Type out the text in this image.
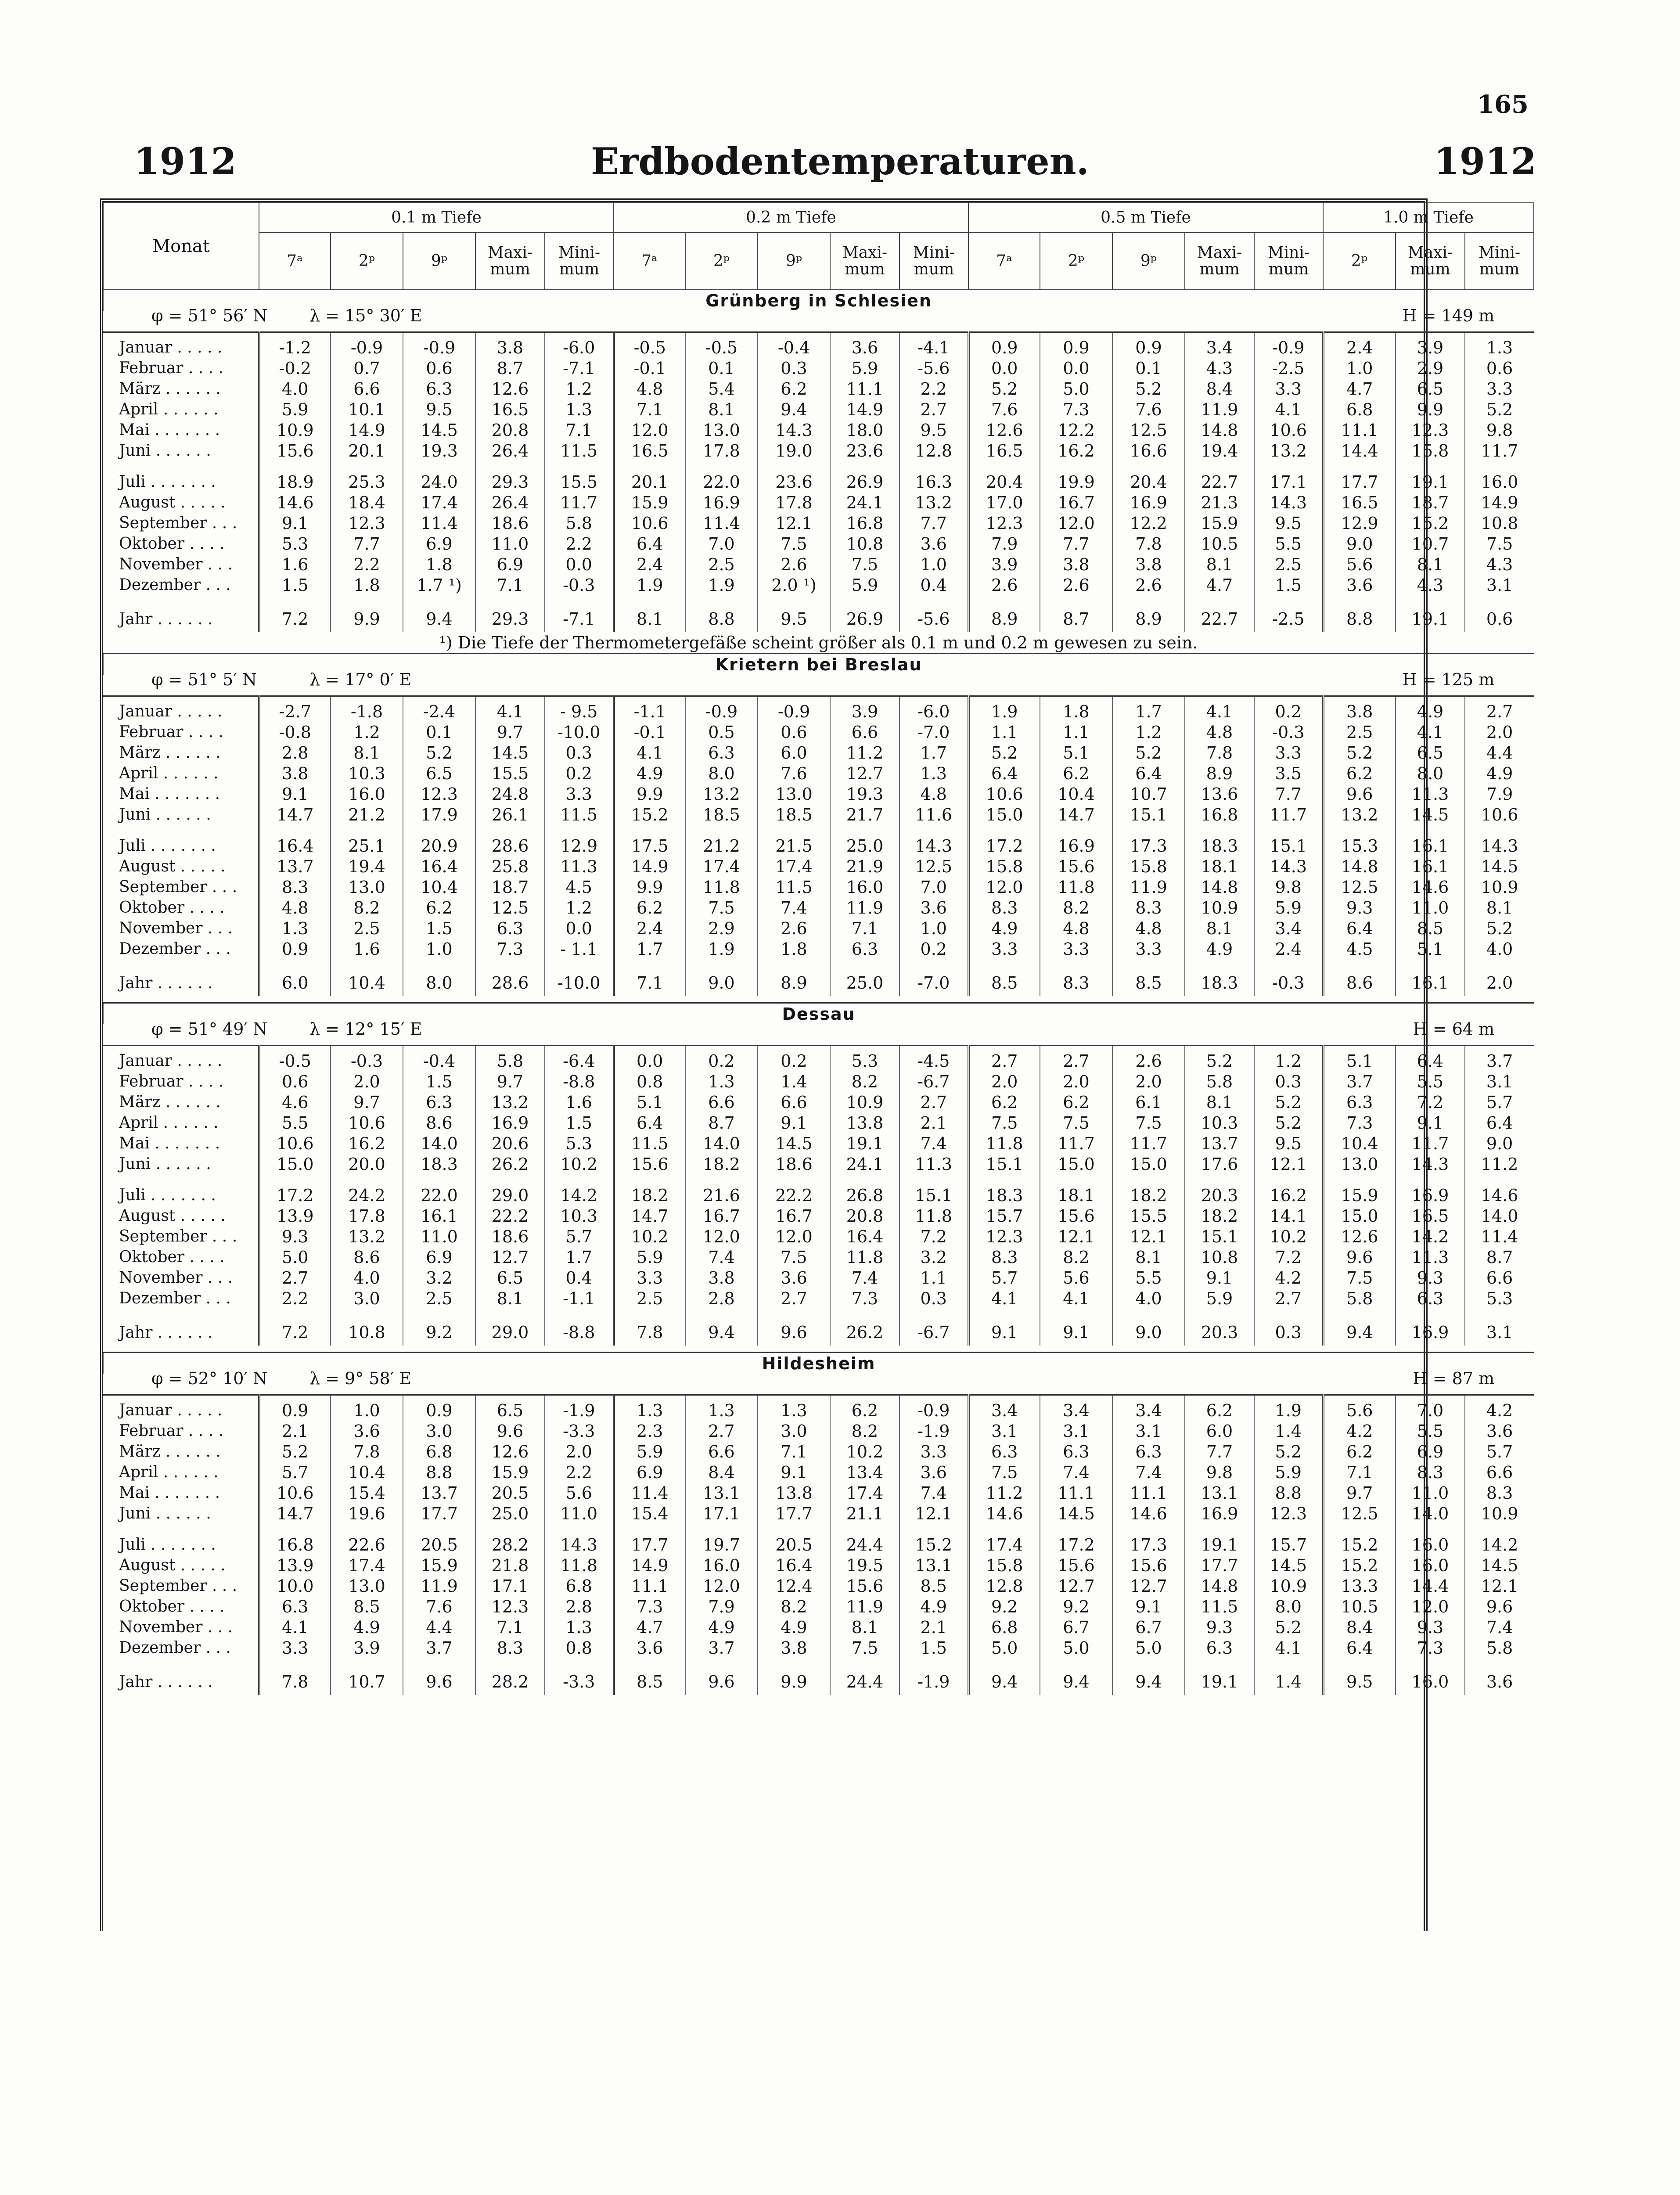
165
1912	Erdbodentemperaturen.	1912
Monat	0.1 m Tiefe					0.2 m Tiefe					0.5 m Tiefe					1.0 m Tiefe		
	7ᵃ	2ᵖ	9ᵖ	Maxi-mum	Mini-mum	7ᵃ	2ᵖ	9ᵖ	Maxi-mum	Mini-mum	7ᵃ	2ᵖ	9ᵖ	Maxi-mum	Mini-mum	2ᵖ	Maxi-mum	Mini-mum
Grünberg in Schlesien																		

φ = 51° 56′ N λ = 15° 30′ E H = 149 m																		

Januar . . . . .	-1.2	-0.9	-0.9	3.8	-6.0	-0.5	-0.5	-0.4	3.6	-4.1	0.9	0.9	0.9	3.4	-0.9	2.4	3.9	1.3
Februar . . . .	-0.2	0.7	0.6	8.7	-7.1	-0.1	0.1	0.3	5.9	-5.6	0.0	0.0	0.1	4.3	-2.5	1.0	2.9	0.6
März . . . . . .	4.0	6.6	6.3	12.6	1.2	4.8	5.4	6.2	11.1	2.2	5.2	5.0	5.2	8.4	3.3	4.7	6.5	3.3
April . . . . . .	5.9	10.1	9.5	16.5	1.3	7.1	8.1	9.4	14.9	2.7	7.6	7.3	7.6	11.9	4.1	6.8	9.9	5.2
Mai . . . . . . .	10.9	14.9	14.5	20.8	7.1	12.0	13.0	14.3	18.0	9.5	12.6	12.2	12.5	14.8	10.6	11.1	12.3	9.8
Juni . . . . . .	15.6	20.1	19.3	26.4	11.5	16.5	17.8	19.0	23.6	12.8	16.5	16.2	16.6	19.4	13.2	14.4	15.8	11.7

Juli . . . . . . .	18.9	25.3	24.0	29.3	15.5	20.1	22.0	23.6	26.9	16.3	20.4	19.9	20.4	22.7	17.1	17.7	19.1	16.0
August . . . . .	14.6	18.4	17.4	26.4	11.7	15.9	16.9	17.8	24.1	13.2	17.0	16.7	16.9	21.3	14.3	16.5	18.7	14.9
September . . .	9.1	12.3	11.4	18.6	5.8	10.6	11.4	12.1	16.8	7.7	12.3	12.0	12.2	15.9	9.5	12.9	15.2	10.8
Oktober . . . .	5.3	7.7	6.9	11.0	2.2	6.4	7.0	7.5	10.8	3.6	7.9	7.7	7.8	10.5	5.5	9.0	10.7	7.5
November . . .	1.6	2.2	1.8	6.9	0.0	2.4	2.5	2.6	7.5	1.0	3.9	3.8	3.8	8.1	2.5	5.6	8.1	4.3
Dezember . . .	1.5	1.8	1.7 ¹)	7.1	-0.3	1.9	1.9	2.0 ¹)	5.9	0.4	2.6	2.6	2.6	4.7	1.5	3.6	4.3	3.1

Jahr . . . . . .	7.2	9.9	9.4	29.3	-7.1	8.1	8.8	9.5	26.9	-5.6	8.9	8.7	8.9	22.7	-2.5	8.8	19.1	0.6
¹) Die Tiefe der Thermometergefäße scheint größer als 0.1 m und 0.2 m gewesen zu sein.																		
Krietern bei Breslau																		

φ = 51° 5′ N λ = 17° 0′ E H = 125 m																		

Januar . . . . .	-2.7	-1.8	-2.4	4.1	- 9.5	-1.1	-0.9	-0.9	3.9	-6.0	1.9	1.8	1.7	4.1	0.2	3.8	4.9	2.7
Februar . . . .	-0.8	1.2	0.1	9.7	-10.0	-0.1	0.5	0.6	6.6	-7.0	1.1	1.1	1.2	4.8	-0.3	2.5	4.1	2.0
März . . . . . .	2.8	8.1	5.2	14.5	0.3	4.1	6.3	6.0	11.2	1.7	5.2	5.1	5.2	7.8	3.3	5.2	6.5	4.4
April . . . . . .	3.8	10.3	6.5	15.5	0.2	4.9	8.0	7.6	12.7	1.3	6.4	6.2	6.4	8.9	3.5	6.2	8.0	4.9
Mai . . . . . . .	9.1	16.0	12.3	24.8	3.3	9.9	13.2	13.0	19.3	4.8	10.6	10.4	10.7	13.6	7.7	9.6	11.3	7.9
Juni . . . . . .	14.7	21.2	17.9	26.1	11.5	15.2	18.5	18.5	21.7	11.6	15.0	14.7	15.1	16.8	11.7	13.2	14.5	10.6

Juli . . . . . . .	16.4	25.1	20.9	28.6	12.9	17.5	21.2	21.5	25.0	14.3	17.2	16.9	17.3	18.3	15.1	15.3	16.1	14.3
August . . . . .	13.7	19.4	16.4	25.8	11.3	14.9	17.4	17.4	21.9	12.5	15.8	15.6	15.8	18.1	14.3	14.8	16.1	14.5
September . . .	8.3	13.0	10.4	18.7	4.5	9.9	11.8	11.5	16.0	7.0	12.0	11.8	11.9	14.8	9.8	12.5	14.6	10.9
Oktober . . . .	4.8	8.2	6.2	12.5	1.2	6.2	7.5	7.4	11.9	3.6	8.3	8.2	8.3	10.9	5.9	9.3	11.0	8.1
November . . .	1.3	2.5	1.5	6.3	0.0	2.4	2.9	2.6	7.1	1.0	4.9	4.8	4.8	8.1	3.4	6.4	8.5	5.2
Dezember . . .	0.9	1.6	1.0	7.3	- 1.1	1.7	1.9	1.8	6.3	0.2	3.3	3.3	3.3	4.9	2.4	4.5	5.1	4.0

Jahr . . . . . .	6.0	10.4	8.0	28.6	-10.0	7.1	9.0	8.9	25.0	-7.0	8.5	8.3	8.5	18.3	-0.3	8.6	16.1	2.0

Dessau																		

φ = 51° 49′ N λ = 12° 15′ E H = 64 m																		

Januar . . . . .	-0.5	-0.3	-0.4	5.8	-6.4	0.0	0.2	0.2	5.3	-4.5	2.7	2.7	2.6	5.2	1.2	5.1	6.4	3.7
Februar . . . .	0.6	2.0	1.5	9.7	-8.8	0.8	1.3	1.4	8.2	-6.7	2.0	2.0	2.0	5.8	0.3	3.7	5.5	3.1
März . . . . . .	4.6	9.7	6.3	13.2	1.6	5.1	6.6	6.6	10.9	2.7	6.2	6.2	6.1	8.1	5.2	6.3	7.2	5.7
April . . . . . .	5.5	10.6	8.6	16.9	1.5	6.4	8.7	9.1	13.8	2.1	7.5	7.5	7.5	10.3	5.2	7.3	9.1	6.4
Mai . . . . . . .	10.6	16.2	14.0	20.6	5.3	11.5	14.0	14.5	19.1	7.4	11.8	11.7	11.7	13.7	9.5	10.4	11.7	9.0
Juni . . . . . .	15.0	20.0	18.3	26.2	10.2	15.6	18.2	18.6	24.1	11.3	15.1	15.0	15.0	17.6	12.1	13.0	14.3	11.2

Juli . . . . . . .	17.2	24.2	22.0	29.0	14.2	18.2	21.6	22.2	26.8	15.1	18.3	18.1	18.2	20.3	16.2	15.9	16.9	14.6
August . . . . .	13.9	17.8	16.1	22.2	10.3	14.7	16.7	16.7	20.8	11.8	15.7	15.6	15.5	18.2	14.1	15.0	16.5	14.0
September . . .	9.3	13.2	11.0	18.6	5.7	10.2	12.0	12.0	16.4	7.2	12.3	12.1	12.1	15.1	10.2	12.6	14.2	11.4
Oktober . . . .	5.0	8.6	6.9	12.7	1.7	5.9	7.4	7.5	11.8	3.2	8.3	8.2	8.1	10.8	7.2	9.6	11.3	8.7
November . . .	2.7	4.0	3.2	6.5	0.4	3.3	3.8	3.6	7.4	1.1	5.7	5.6	5.5	9.1	4.2	7.5	9.3	6.6
Dezember . . .	2.2	3.0	2.5	8.1	-1.1	2.5	2.8	2.7	7.3	0.3	4.1	4.1	4.0	5.9	2.7	5.8	6.3	5.3

Jahr . . . . . .	7.2	10.8	9.2	29.0	-8.8	7.8	9.4	9.6	26.2	-6.7	9.1	9.1	9.0	20.3	0.3	9.4	16.9	3.1

Hildesheim																		

φ = 52° 10′ N λ = 9° 58′ E H = 87 m																		

Januar . . . . .	0.9	1.0	0.9	6.5	-1.9	1.3	1.3	1.3	6.2	-0.9	3.4	3.4	3.4	6.2	1.9	5.6	7.0	4.2
Februar . . . .	2.1	3.6	3.0	9.6	-3.3	2.3	2.7	3.0	8.2	-1.9	3.1	3.1	3.1	6.0	1.4	4.2	5.5	3.6
März . . . . . .	5.2	7.8	6.8	12.6	2.0	5.9	6.6	7.1	10.2	3.3	6.3	6.3	6.3	7.7	5.2	6.2	6.9	5.7
April . . . . . .	5.7	10.4	8.8	15.9	2.2	6.9	8.4	9.1	13.4	3.6	7.5	7.4	7.4	9.8	5.9	7.1	8.3	6.6
Mai . . . . . . .	10.6	15.4	13.7	20.5	5.6	11.4	13.1	13.8	17.4	7.4	11.2	11.1	11.1	13.1	8.8	9.7	11.0	8.3
Juni . . . . . .	14.7	19.6	17.7	25.0	11.0	15.4	17.1	17.7	21.1	12.1	14.6	14.5	14.6	16.9	12.3	12.5	14.0	10.9

Juli . . . . . . .	16.8	22.6	20.5	28.2	14.3	17.7	19.7	20.5	24.4	15.2	17.4	17.2	17.3	19.1	15.7	15.2	16.0	14.2
August . . . . .	13.9	17.4	15.9	21.8	11.8	14.9	16.0	16.4	19.5	13.1	15.8	15.6	15.6	17.7	14.5	15.2	16.0	14.5
September . . .	10.0	13.0	11.9	17.1	6.8	11.1	12.0	12.4	15.6	8.5	12.8	12.7	12.7	14.8	10.9	13.3	14.4	12.1
Oktober . . . .	6.3	8.5	7.6	12.3	2.8	7.3	7.9	8.2	11.9	4.9	9.2	9.2	9.1	11.5	8.0	10.5	12.0	9.6
November . . .	4.1	4.9	4.4	7.1	1.3	4.7	4.9	4.9	8.1	2.1	6.8	6.7	6.7	9.3	5.2	8.4	9.3	7.4
Dezember . . .	3.3	3.9	3.7	8.3	0.8	3.6	3.7	3.8	7.5	1.5	5.0	5.0	5.0	6.3	4.1	6.4	7.3	5.8

Jahr . . . . . .	7.8	10.7	9.6	28.2	-3.3	8.5	9.6	9.9	24.4	-1.9	9.4	9.4	9.4	19.1	1.4	9.5	16.0	3.6
